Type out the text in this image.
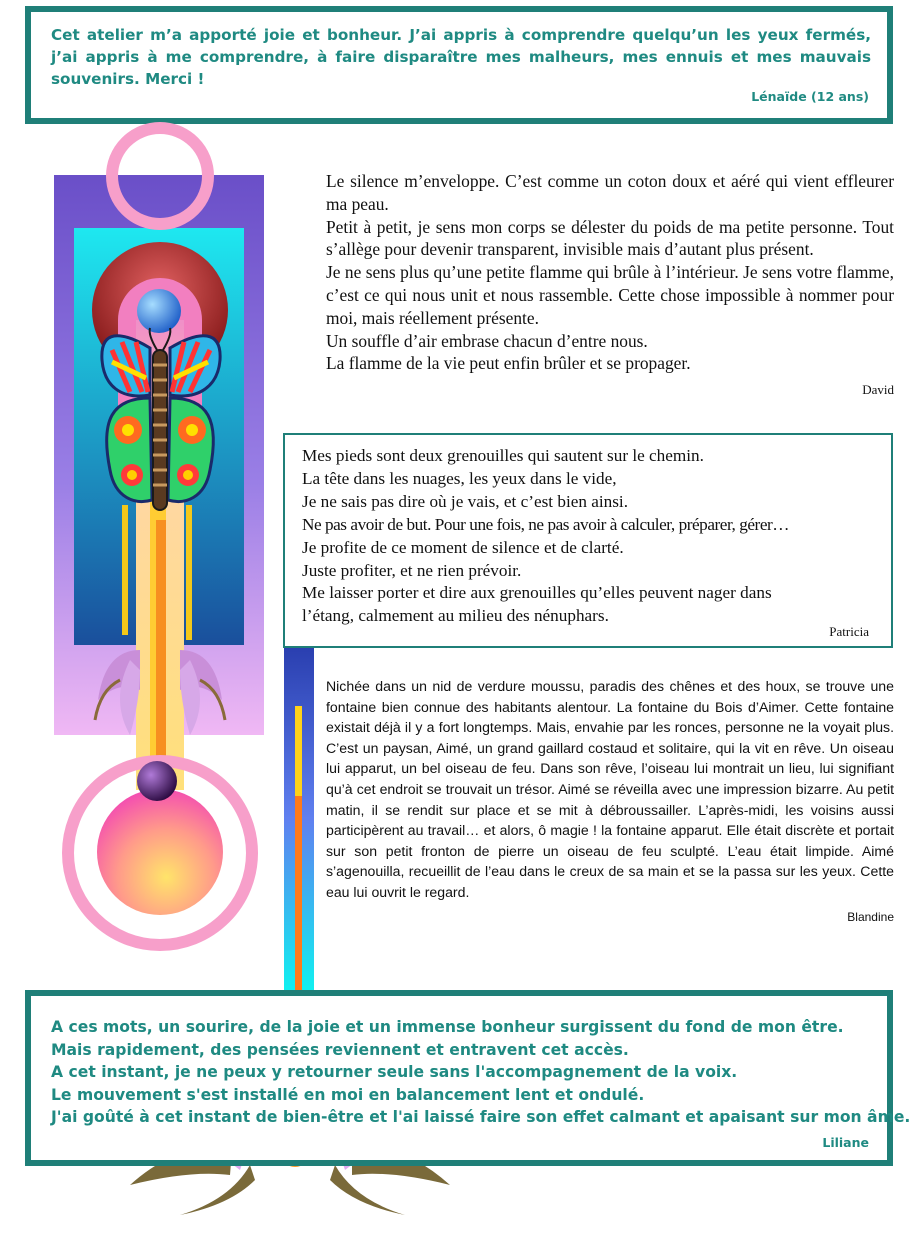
Cet atelier m’a apporté joie et bonheur. J’ai appris à comprendre quelqu’un les yeux fermés, j’ai appris à me comprendre, à faire disparaître mes malheurs, mes ennuis et mes mauvais souvenirs. Merci !
Lénaïde (12 ans)

Le silence m’enveloppe. C’est comme un coton doux et aéré qui vient effleurer ma peau.

Petit à petit, je sens mon corps se délester du poids de ma petite personne. Tout s’allège pour devenir transparent, invisible mais d’autant plus présent.

Je ne sens plus qu’une petite flamme qui brûle à l’intérieur. Je sens votre flamme, c’est ce qui nous unit et nous rassemble. Cette chose impossible à nommer pour moi, mais réellement présente.

Un souffle d’air embrase chacun d’entre nous.

La flamme de la vie peut enfin brûler et se propager.

David

Mes pieds sont deux grenouilles qui sautent sur le chemin.

La tête dans les nuages, les yeux dans le vide,

Je ne sais pas dire où je vais, et c’est bien ainsi.

Ne pas avoir de but. Pour une fois, ne pas avoir à calculer, préparer, gérer…

Je profite de ce moment de silence et de clarté.

Juste profiter, et ne rien prévoir.

Me laisser porter et dire aux grenouilles qu’elles peuvent nager dans

l’étang, calmement au milieu des nénuphars.

Patricia

Nichée dans un nid de verdure moussu, paradis des chênes et des houx, se trouve une fontaine bien connue des habitants alentour. La fontaine du Bois d’Aimer. Cette fontaine existait déjà il y a fort longtemps. Mais, envahie par les ronces, personne ne la voyait plus. C’est un paysan, Aimé, un grand gaillard costaud et solitaire, qui la vit en rêve. Un oiseau lui apparut, un bel oiseau de feu. Dans son rêve, l’oiseau lui montrait un lieu, lui signifiant qu’à cet endroit se trouvait un trésor. Aimé se réveilla avec une impression bizarre. Au petit matin, il se rendit sur place et se mit à débroussailler. L’après-midi, les voisins aussi participèrent au travail… et alors, ô magie ! la fontaine apparut. Elle était discrète et portait sur son petit fronton de pierre un oiseau de feu sculpté. L’eau était limpide. Aimé s’agenouilla, recueillit de l’eau dans le creux de sa main et se la passa sur les yeux. Cette eau lui ouvrit le regard.

Blandine
A ces mots, un sourire, de la joie et un immense bonheur surgissent du fond de mon être.
Mais rapidement, des pensées reviennent et entravent cet accès.
A cet instant, je ne peux y retourner seule sans l'accompagnement de la voix.
Le mouvement s'est installé en moi en balancement lent et ondulé.
J'ai goûté à cet instant de bien-être et l'ai laissé faire son effet calmant et apaisant sur mon âme.
Liliane
